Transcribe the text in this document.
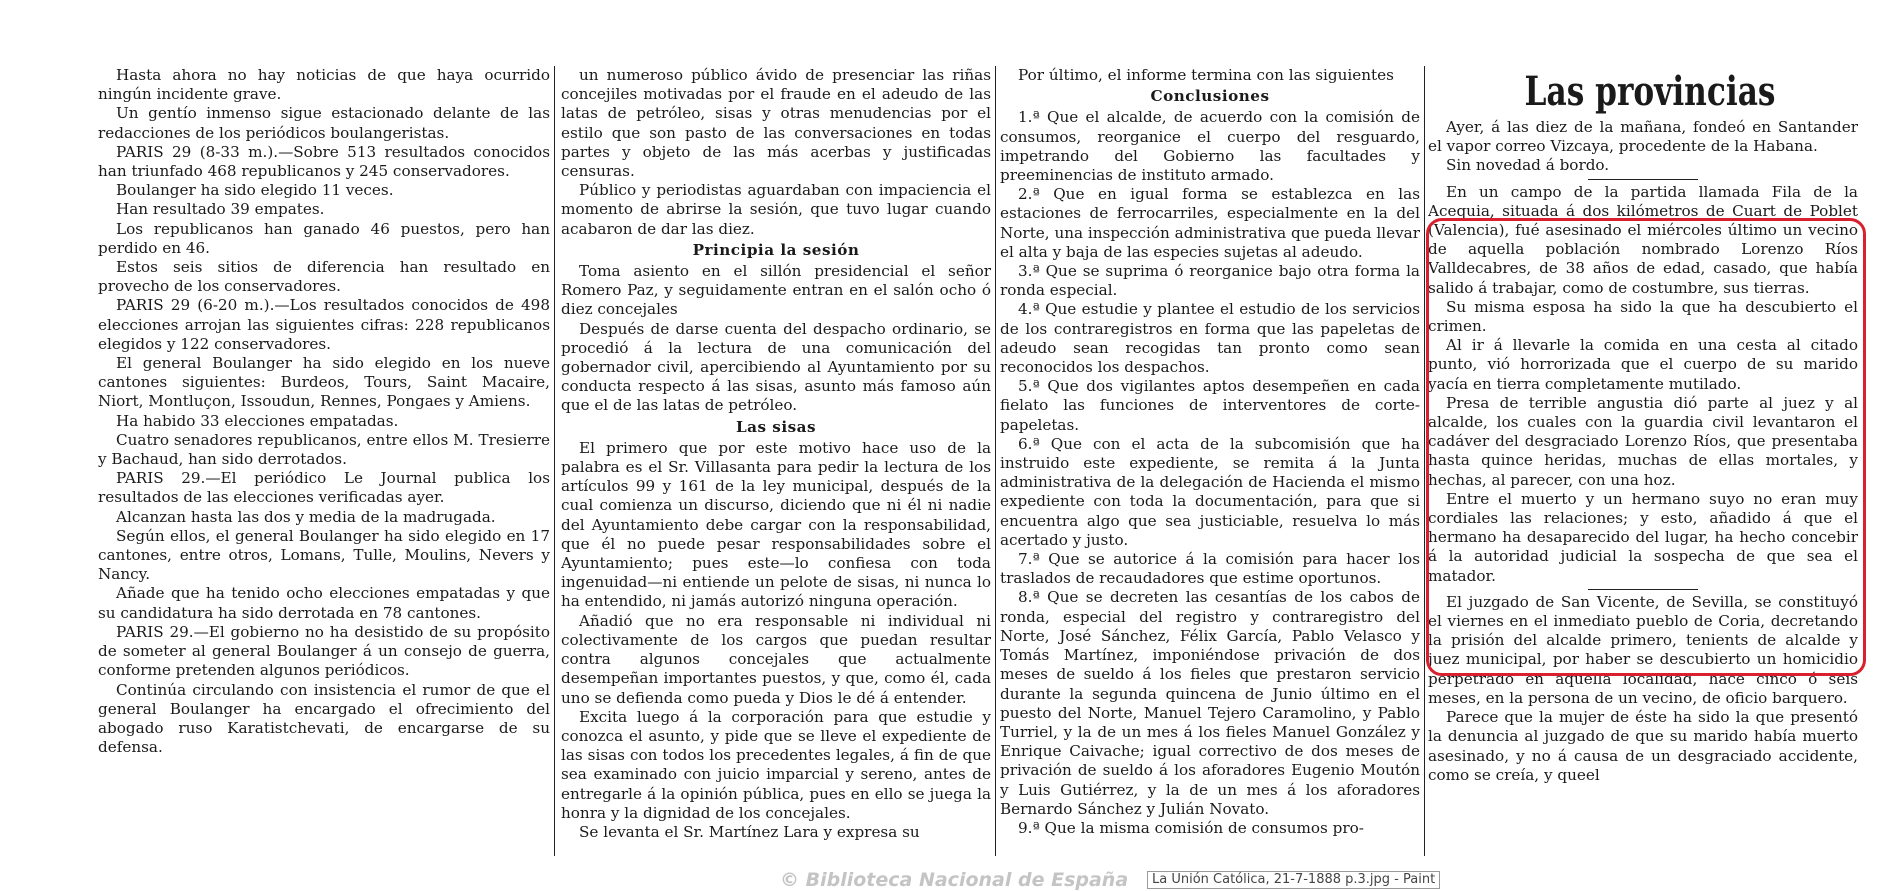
Hasta ahora no hay noticias de que haya ocurrido ningún incidente grave.

Un gentío inmenso sigue estacionado delante de las redacciones de los periódicos boulangeristas.

PARIS 29 (8-33 m.).—Sobre 513 resultados conocidos han triunfado 468 republicanos y 245 conservadores.

Boulanger ha sido elegido 11 veces.

Han resultado 39 empates.

Los republicanos han ganado 46 puestos, pero han perdido en 46.

Estos seis sitios de diferencia han resultado en provecho de los conservadores.

PARIS 29 (6-20 m.).—Los resultados conocidos de 498 elecciones arrojan las siguientes cifras: 228 republicanos elegidos y 122 conservadores.

El general Boulanger ha sido elegido en los nueve cantones siguientes: Burdeos, Tours, Saint Macaire, Niort, Montluçon, Issoudun, Rennes, Pongaes y Amiens.

Ha habido 33 elecciones empatadas.

Cuatro senadores republicanos, entre ellos M. Tresierre y Bachaud, han sido derrotados.

PARIS 29.—El periódico Le Journal publica los resultados de las elecciones verificadas ayer.

Alcanzan hasta las dos y media de la madrugada.

Según ellos, el general Boulanger ha sido elegido en 17 cantones, entre otros, Lomans, Tulle, Moulins, Nevers y Nancy.

Añade que ha tenido ocho elecciones empatadas y que su candidatura ha sido derrotada en 78 cantones.

PARIS 29.—El gobierno no ha desistido de su propósito de someter al general Boulanger á un consejo de guerra, conforme pretenden algunos periódicos.

Continúa circulando con insistencia el rumor de que el general Boulanger ha encargado el ofrecimiento del abogado ruso Karatistchevati, de encargarse de su defensa.

un numeroso público ávido de presenciar las riñas concejiles motivadas por el fraude en el adeudo de las latas de petróleo, sisas y otras menudencias por el estilo que son pasto de las conversaciones en todas partes y objeto de las más acerbas y justificadas censuras.

Público y periodistas aguardaban con impaciencia el momento de abrirse la sesión, que tuvo lugar cuando acabaron de dar las diez.

Principia la sesión

Toma asiento en el sillón presidencial el señor Romero Paz, y seguidamente entran en el salón ocho ó diez concejales

Después de darse cuenta del despacho ordinario, se procedió á la lectura de una comunicación del gobernador civil, apercibiendo al Ayuntamiento por su conducta respecto á las sisas, asunto más famoso aún que el de las latas de petróleo.

Las sisas

El primero que por este motivo hace uso de la palabra es el Sr. Villasanta para pedir la lectura de los artículos 99 y 161 de la ley municipal, después de la cual comienza un discurso, diciendo que ni él ni nadie del Ayuntamiento debe cargar con la responsabilidad, que él no puede pesar responsabilidades sobre el Ayuntamiento; pues este—lo confiesa con toda ingenuidad—ni entiende un pelote de sisas, ni nunca lo ha entendido, ni jamás autorizó ninguna operación.

Añadió que no era responsable ni individual ni colectivamente de los cargos que puedan resultar contra algunos concejales que actualmente desempeñan importantes puestos, y que, como él, cada uno se defienda como pueda y Dios le dé á entender.

Excita luego á la corporación para que estudie y conozca el asunto, y pide que se lleve el expediente de las sisas con todos los precedentes legales, á fin de que sea examinado con juicio imparcial y sereno, antes de entregarle á la opinión pública, pues en ello se juega la honra y la dignidad de los concejales.

Se levanta el Sr. Martínez Lara y expresa su

Por último, el informe termina con las siguientes

Conclusiones

1.ª Que el alcalde, de acuerdo con la comisión de consumos, reorganice el cuerpo del resguardo, impetrando del Gobierno las facultades y preeminencias de instituto armado.

2.ª Que en igual forma se establezca en las estaciones de ferrocarriles, especialmente en la del Norte, una inspección administrativa que pueda llevar el alta y baja de las especies sujetas al adeudo.

3.ª Que se suprima ó reorganice bajo otra forma la ronda especial.

4.ª Que estudie y plantee el estudio de los servicios de los contraregistros en forma que las papeletas de adeudo sean recogidas tan pronto como sean reconocidos los despachos.

5.ª Que dos vigilantes aptos desempeñen en cada fielato las funciones de interventores de corte-papeletas.

6.ª Que con el acta de la subcomisión que ha instruido este expediente, se remita á la Junta administrativa de la delegación de Hacienda el mismo expediente con toda la documentación, para que si encuentra algo que sea justiciable, resuelva lo más acertado y justo.

7.ª Que se autorice á la comisión para hacer los traslados de recaudadores que estime oportunos.

8.ª Que se decreten las cesantías de los cabos de ronda, especial del registro y contraregistro del Norte, José Sánchez, Félix García, Pablo Velasco y Tomás Martínez, imponiéndose privación de dos meses de sueldo á los fieles que prestaron servicio durante la segunda quincena de Junio último en el puesto del Norte, Manuel Tejero Caramolino, y Pablo Turriel, y la de un mes á los fieles Manuel González y Enrique Caivache; igual correctivo de dos meses de privación de sueldo á los aforadores Eugenio Moutón y Luis Gutiérrez, y la de un mes á los aforadores Bernardo Sánchez y Julián Novato.

9.ª Que la misma comisión de consumos pro-

Las provincias

Ayer, á las diez de la mañana, fondeó en Santander el vapor correo Vizcaya, procedente de la Habana.

Sin novedad á bordo.

En un campo de la partida llamada Fila de la Acequia, situada á dos kilómetros de Cuart de Poblet (Valencia), fué asesinado el miércoles último un vecino de aquella población nombrado Lorenzo Ríos Valldecabres, de 38 años de edad, casado, que había salido á trabajar, como de costumbre, sus tierras.

Su misma esposa ha sido la que ha descubierto el crimen.

Al ir á llevarle la comida en una cesta al citado punto, vió horrorizada que el cuerpo de su marido yacía en tierra completamente mutilado.

Presa de terrible angustia dió parte al juez y al alcalde, los cuales con la guardia civil levantaron el cadáver del desgraciado Lorenzo Ríos, que presentaba hasta quince heridas, muchas de ellas mortales, y hechas, al parecer, con una hoz.

Entre el muerto y un hermano suyo no eran muy cordiales las relaciones; y esto, añadido á que el hermano ha desaparecido del lugar, ha hecho concebir á la autoridad judicial la sospecha de que sea el matador.

El juzgado de San Vicente, de Sevilla, se constituyó el viernes en el inmediato pueblo de Coria, decretando la prisión del alcalde primero, tenients de alcalde y juez municipal, por haber se descubierto un homicidio perpetrado en aquella localidad, hace cinco ó seis meses, en la persona de un vecino, de oficio barquero.

Parece que la mujer de éste ha sido la que presentó la denuncia al juzgado de que su marido había muerto asesinado, y no á causa de un desgraciado accidente, como se creía, y queel

© Biblioteca Nacional de España	La Unión Católica, 21-7-1888 p.3.jpg - Paint
